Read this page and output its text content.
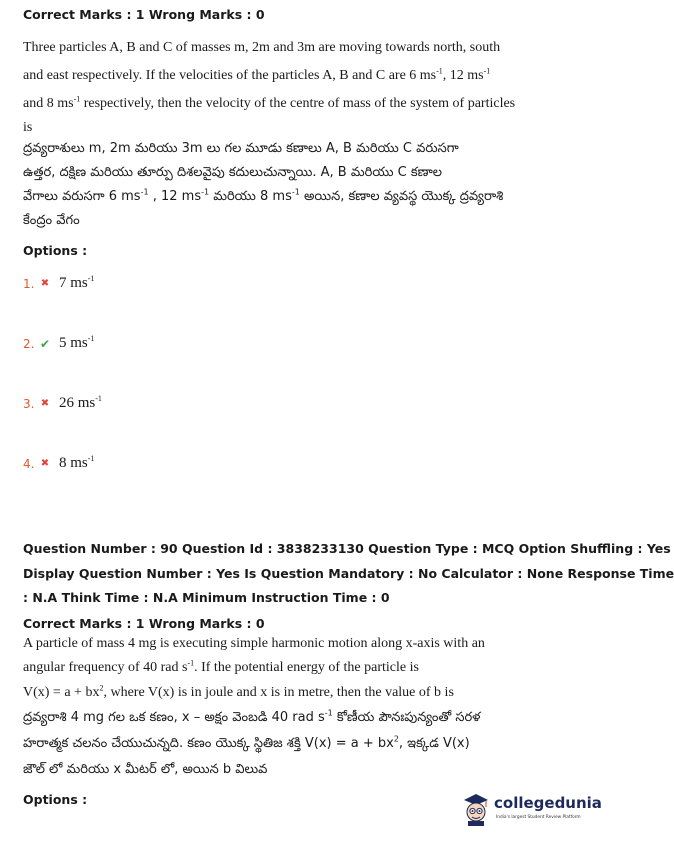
Correct Marks : 1 Wrong Marks : 0
Three particles A, B and C of masses m, 2m and 3m are moving towards north, south
and east respectively. If the velocities of the particles A, B and C are 6 $ms^{-1}$, 12 $ms^{-1}$
and 8 $ms^{-1}$ respectively, then the velocity of the centre of mass of the system of particles
is
ద్రవ్యరాశులు m, 2m మరియు 3m లు గల మూడు కణాలు A, B మరియు C వరుసగా
ఉత్తర, దక్షిణ మరియు తూర్పు దిశలవైపు కదులుచున్నాయి. A, B మరియు C కణాల
వేగాలు వరుసగా 6 $ms^{-1}$ , 12 $ms^{-1}$ మరియు 8 $ms^{-1}$ అయిన, కణాల వ్యవస్థ యొక్క ద్రవ్యరాశి
కేంద్రం వేగం
Options :
1. ✖ 7 $ms^{-1}$
2. ✔ 5 $ms^{-1}$
3. ✖ 26 $ms^{-1}$
4. ✖ 8 $ms^{-1}$
Question Number : 90 Question Id : 3838233130 Question Type : MCQ Option Shuffling : Yes
Display Question Number : Yes Is Question Mandatory : No Calculator : None Response Time
: N.A Think Time : N.A Minimum Instruction Time : 0
Correct Marks : 1 Wrong Marks : 0
A particle of mass 4 mg is executing simple harmonic motion along x-axis with an
angular frequency of 40 rad $s^{-1}$. If the potential energy of the particle is
$V(x) = a + bx^2$, where V(x) is in joule and x is in metre, then the value of b is
ద్రవ్యరాశి 4 mg గల ఒక కణం, x – అక్షం వెంబడి 40 rad $s^{-1}$ కోణీయ పౌనఃపున్యంతో సరళ
హరాత్మక చలనం చేయుచున్నది. కణం యొక్క స్థితిజ శక్తి $V(x) = a + bx^2$, ఇక్కడ V(x)
జౌల్ లో మరియు x మీటర్ లో, అయిన b విలువ
Options :	collegedunia
India's largest Student Review Platform
